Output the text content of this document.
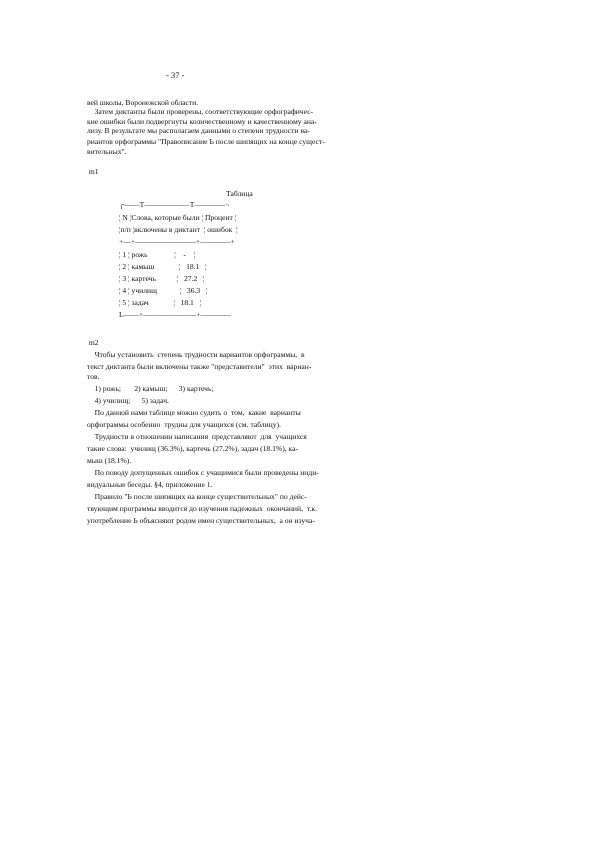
- 37 -
вей школы, Воронежской области.
Затем диктанты были проверены, соответствующие орфографичес-
кие ошибки были подвергнуты количественному и качественному ана-
лизу. В результате мы располагаем данными о степени трудности ва-
риантов орфограммы "Правописание Ь после шипящих на конце сущест-
вительных".
m1
Таблица
┌——T——————T————¬
¦ N ¦Слова, которые были ¦ Процент ¦
¦п/п ¦включены в диктант  ¦ ошибок  ¦
+—+————————+————+
¦ 1 ¦ рожь              ¦    -    ¦
¦ 2 ¦ камыш             ¦   18.1   ¦
¦ 3 ¦ картечь           ¦   27.2   ¦
¦ 4 ¦ училищ            ¦   36.3   ¦
¦ 5 ¦ задач             ¦   18.1   ¦
L——+———————+————
m2
Чтобы установить  степень трудности вариантов орфограммы,  в
текст диктанта были включены также "представители"  этих  вариан-
тов.
1) рожь;       2) камыш;      3) картечь;
4) училищ;      5) задач.
По данной нами таблице можно судить о  том,  какие  варианты
орфограммы особенно  трудны для учащихся (см. таблицу).
Трудности в отношении написания  представляют  для  учащихся
такие слова:  училищ (36.3%), картечь (27.2%), задач (18.1%), ка-
мыш (18.1%).
По поводу допущенных ошибок с учащимися были проведены инди-
видуальные беседы. §4, приложение 1.
Правило "Ь после шипящих на конце существительных" по дейс-
твующим программы вводится до изучения падежных  окончаний,  т.к.
употребление Ь объясняют родом имен существительных,  а он изуча-
